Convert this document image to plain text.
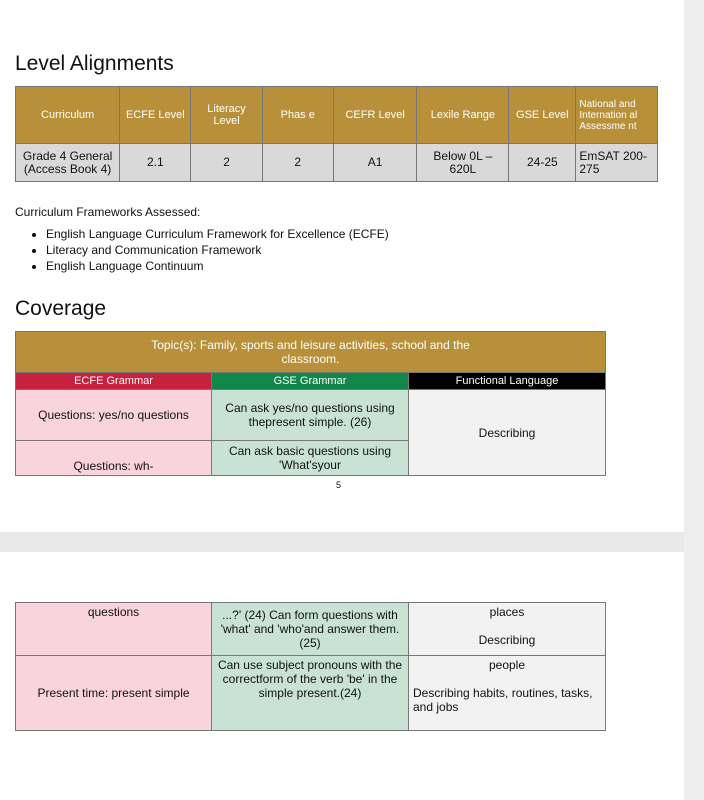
Level Alignments
Curriculum	ECFE Level	Literacy Level	Phas e	CEFR Level	Lexile Range	GSE Level	National and Internation al Assessme nt
Grade 4 General (Access Book 4)	2.1	2	2	A1	Below 0L – 620L	24-25	EmSAT 200-275
Curriculum Frameworks Assessed:
• English Language Curriculum Framework for Excellence (ECFE)
• Literacy and Communication Framework
• English Language Continuum
Coverage
Topic(s): Family, sports and leisure activities, school and the classroom.		
ECFE Grammar	GSE Grammar	Functional Language
Questions: yes/no questions	Can ask yes/no questions using thepresent simple. (26)	Describing
Questions: wh-	Can ask basic questions using 'What'syour	
5
questions	...?' (24) Can form questions with 'what' and 'who'and answer them. (25)	places
Describing

Present time: present simple	Can use subject pronouns with the correctform of the verb 'be' in the simple present.(24)	people
Describing habits, routines, tasks, and jobs
